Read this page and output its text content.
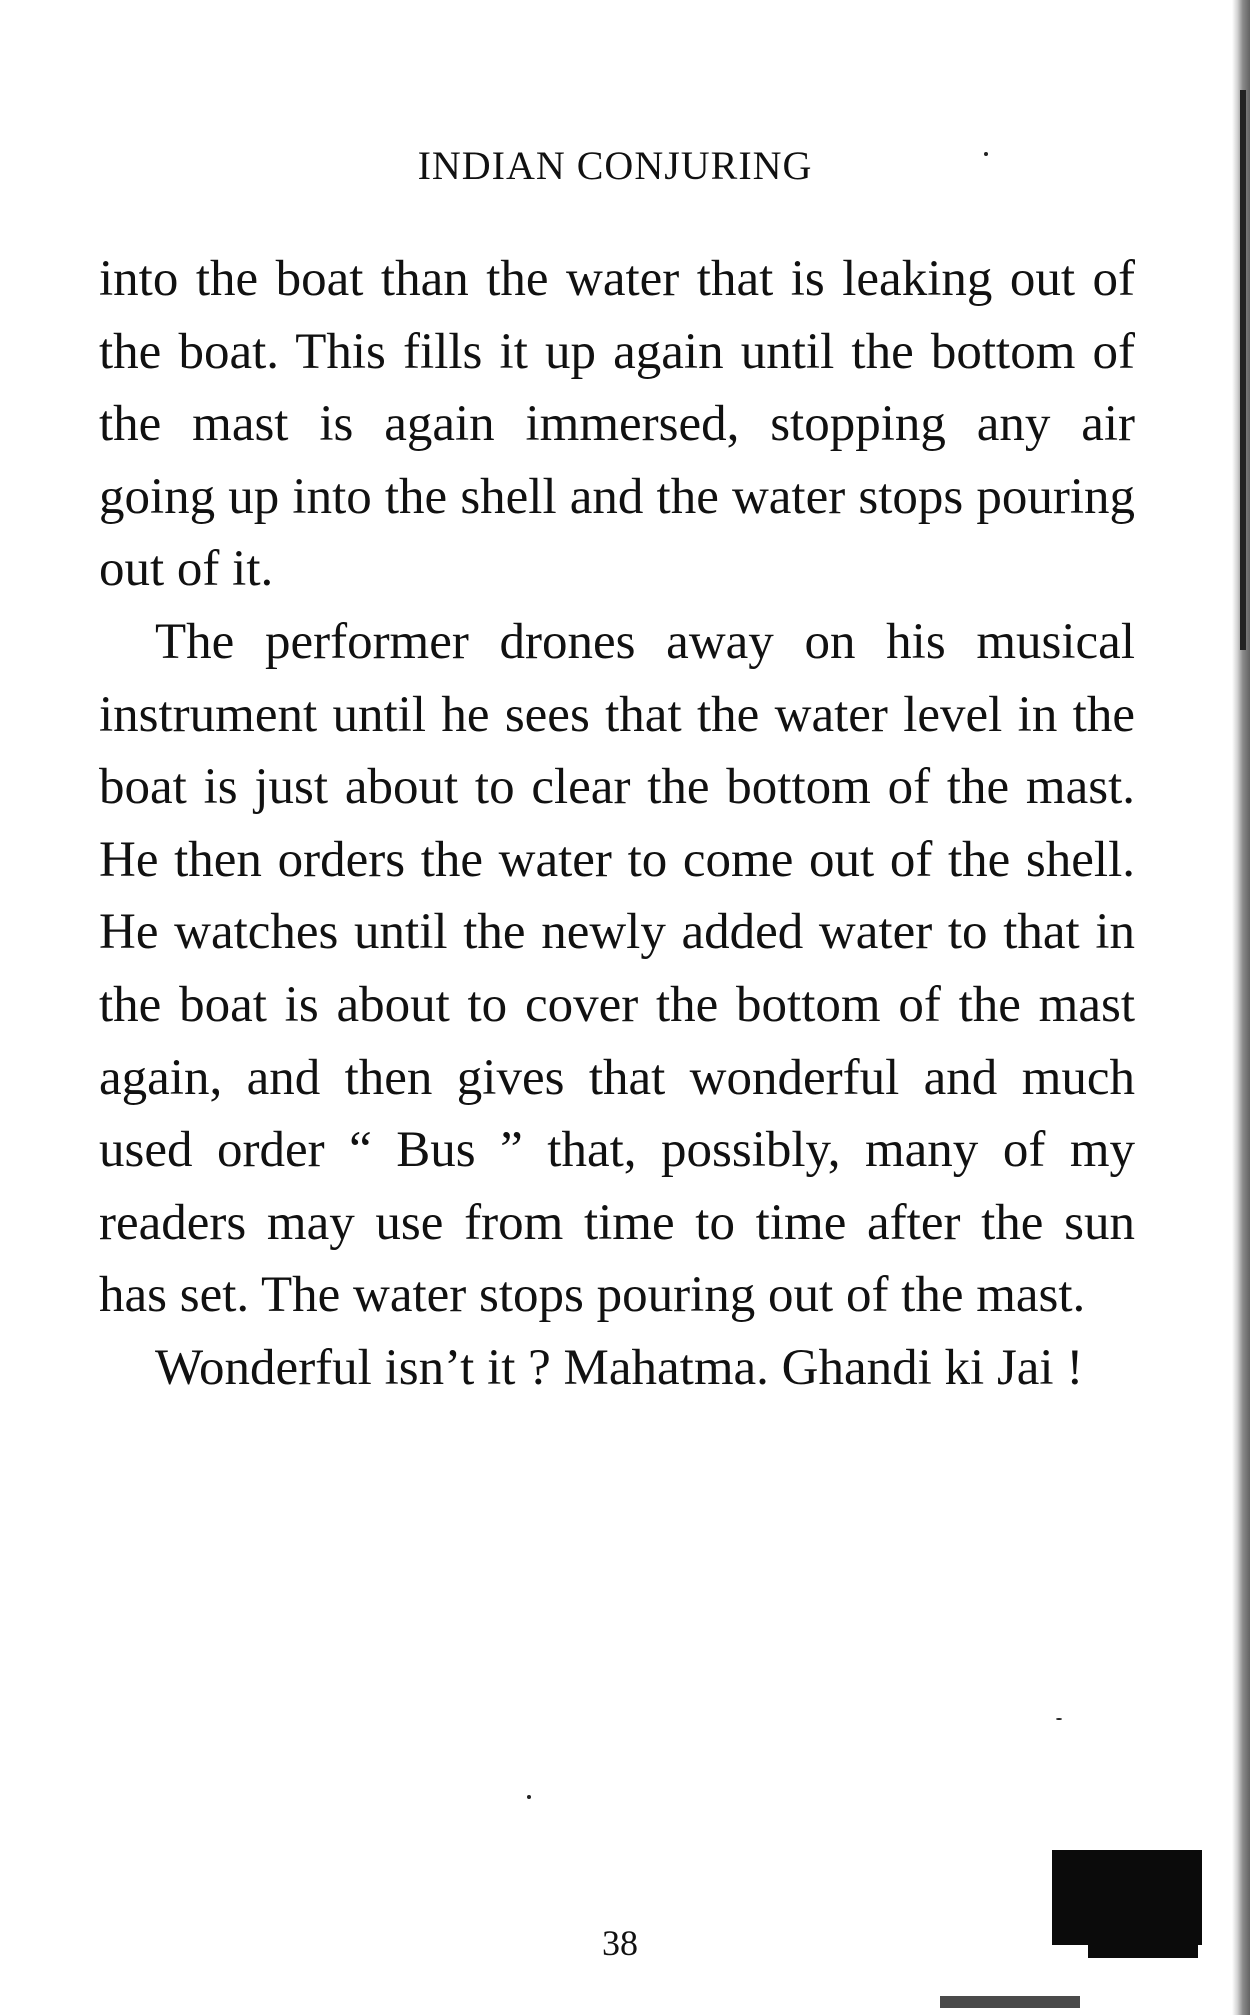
INDIAN CONJURING

into the boat than the water that is leaking out of the boat. This fills it up again until the bottom of the mast is again immersed, stopping any air going up into the shell and the water stops pouring out of it.

The performer drones away on his musical instrument until he sees that the water level in the boat is just about to clear the bottom of the mast. He then orders the water to come out of the shell. He watches until the newly added water to that in the boat is about to cover the bottom of the mast again, and then gives that wonderful and much used order “ Bus ” that, possibly, many of my readers may use from time to time after the sun has set. The water stops pouring out of the mast.

Wonderful isn’t it ? Mahatma. Ghandi ki Jai !

38
